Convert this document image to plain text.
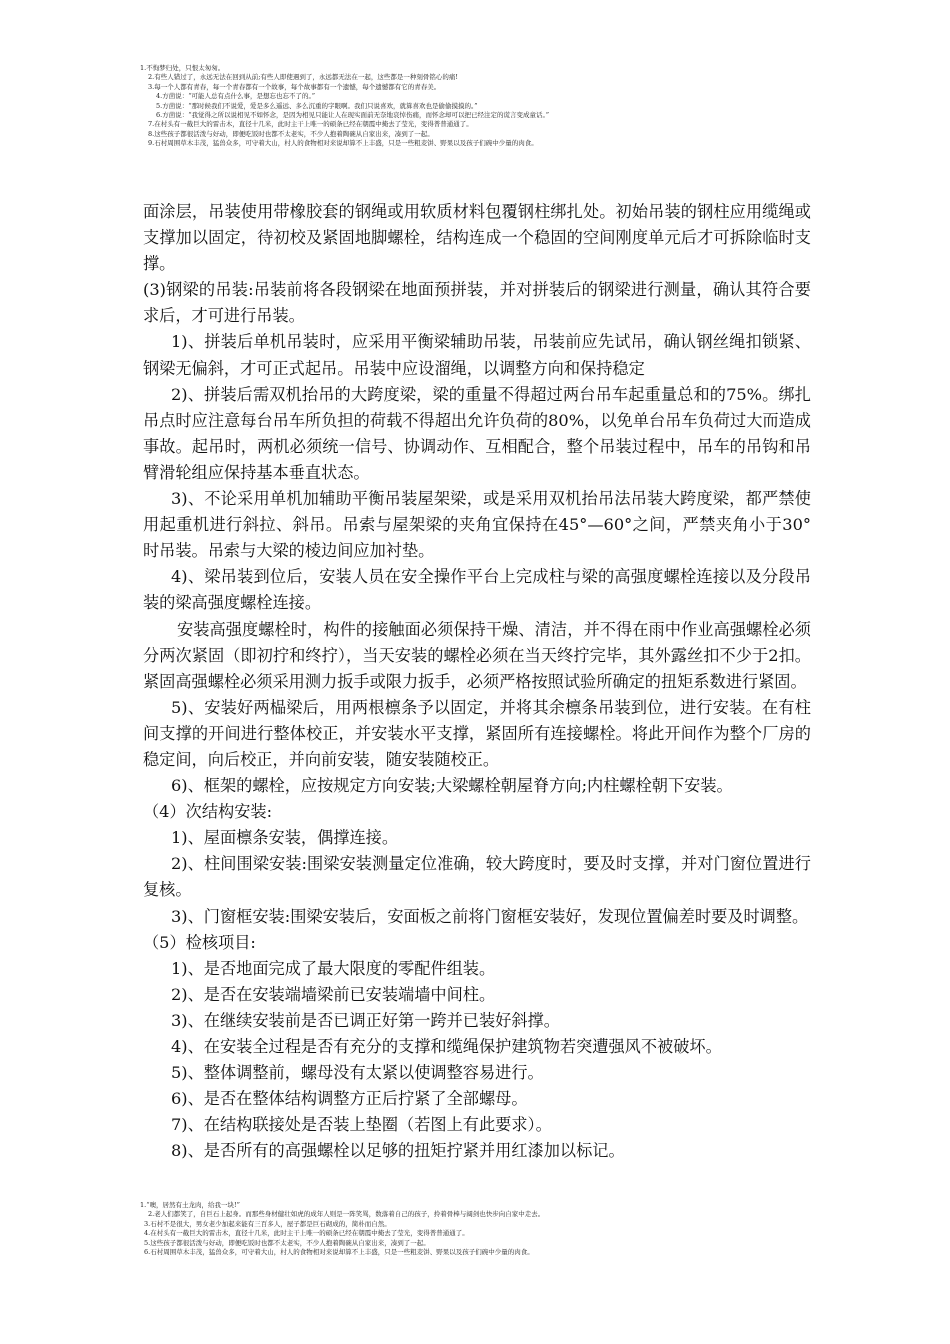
1.不恂梦归处，只恨太匆匆。
2.有些人错过了，永远无法在回到从前;有些人即使遇到了，永远都无法在一起，这些都是一种刻骨铭心的痛!
3.每一个人都有青春，每一个青春都有一个故事，每个故事都有一个遗憾，每个遗憾都有它的青春美。
4.方茴说：“可能人总有点什么事，是想忘也忘不了的。”
5.方茴说：“那时候我们不说爱，爱是多么遥远、多么沉重的字眼啊。我们只说喜欢，就算喜欢也是偷偷摸摸的。”
6.方茴说：“我觉得之所以说相见不如怀念，是因为相见只能让人在现实面前无奈地哀悼伤痛，而怀念却可以把已经注定的谎言变成童话。”
7.在村头有一截巨大的雷击木，直径十几米，此时主干上唯一的硕条已经在朝霞中掩去了莹光，变得普普通通了。
8.这些孩子都很活泼与好动，即便吃饭时也都不太老实，不少人抱着陶碗从自家出来，凑到了一起。
9.石村周围草木丰茂，猛兽众多，可守着大山，村人的食物相对来说却算不上丰盛，只是一些粗麦饼、野果以及孩子们碗中少量的肉食。

面涂层，吊装使用带橡胶套的钢绳或用软质材料包覆钢柱绑扎处。初始吊装的钢柱应用缆绳或支撑加以固定，待初校及紧固地脚螺栓，结构连成一个稳固的空间刚度单元后才可拆除临时支撑。

(3)钢梁的吊装:吊装前将各段钢梁在地面预拼装，并对拼装后的钢梁进行测量，确认其符合要求后，才可进行吊装。

1)、拼装后单机吊装时，应采用平衡梁辅助吊装，吊装前应先试吊，确认钢丝绳扣锁紧、钢梁无偏斜，才可正式起吊。吊装中应设溜绳，以调整方向和保持稳定

2)、拼装后需双机抬吊的大跨度梁，梁的重量不得超过两台吊车起重量总和的75%。绑扎吊点时应注意每台吊车所负担的荷载不得超出允许负荷的80%，以免单台吊车负荷过大而造成事故。起吊时，两机必须统一信号、协调动作、互相配合，整个吊装过程中，吊车的吊钩和吊臂滑轮组应保持基本垂直状态。

3)、不论采用单机加辅助平衡吊装屋架梁，或是采用双机抬吊法吊装大跨度梁，都严禁使用起重机进行斜拉、斜吊。吊索与屋架梁的夹角宜保持在45°—60°之间，严禁夹角小于30°时吊装。吊索与大梁的棱边间应加衬垫。

4)、梁吊装到位后，安装人员在安全操作平台上完成柱与梁的高强度螺栓连接以及分段吊装的梁高强度螺栓连接。

安装高强度螺栓时，构件的接触面必须保持干燥、清洁，并不得在雨中作业高强螺栓必须分两次紧固（即初拧和终拧），当天安装的螺栓必须在当天终拧完毕，其外露丝扣不少于2扣。紧固高强螺栓必须采用测力扳手或限力扳手，必须严格按照试验所确定的扭矩系数进行紧固。

5)、安装好两榀梁后，用两根檩条予以固定，并将其余檩条吊装到位，进行安装。在有柱间支撑的开间进行整体校正，并安装水平支撑，紧固所有连接螺栓。将此开间作为整个厂房的稳定间，向后校正，并向前安装，随安装随校正。

6)、框架的螺栓，应按规定方向安装;大梁螺栓朝屋脊方向;内柱螺栓朝下安装。

（4）次结构安装:

1)、屋面檩条安装，偶撑连接。

2)、柱间围梁安装:围梁安装测量定位准确，较大跨度时，要及时支撑，并对门窗位置进行复核。

3)、门窗框安装:围梁安装后，安面板之前将门窗框安装好，发现位置偏差时要及时调整。

（5）检核项目:

1)、是否地面完成了最大限度的零配件组装。

2)、是否在安装端墙梁前已安装端墙中间柱。

3)、在继续安装前是否已调正好第一跨并已装好斜撑。

4)、在安装全过程是否有充分的支撑和缆绳保护建筑物若突遭强风不被破坏。

5)、整体调整前，螺母没有太紧以使调整容易进行。

6)、是否在整体结构调整方正后拧紧了全部螺母。

7)、在结构联接处是否装上垫圈（若图上有此要求）。

8)、是否所有的高强螺栓以足够的扭矩拧紧并用红漆加以标记。

1.“噢，居然有土龙肉，给我一块!”
2.老人们都笑了，自巨石上起身。而那些身材健壮如虎的成年人则是一阵笑骂，数落着自己的孩子，拎着骨棒与阔剑也快步向自家中走去。
3.石村不是很大，男女老少加起来能有三百多人，屋子都是巨石砌成的，简朴而自然。
4.在村头有一截巨大的雷击木，直径十几米，此时主干上唯一的硕条已经在朝霞中掩去了莹光，变得普普通通了。
5.这些孩子都很活泼与好动，即便吃饭时也都不太老实，不少人抱着陶碗从自家出来，凑到了一起。
6.石村周围草木丰茂，猛兽众多，可守着大山，村人的食物相对来说却算不上丰盛，只是一些粗麦饼、野果以及孩子们碗中少量的肉食。
